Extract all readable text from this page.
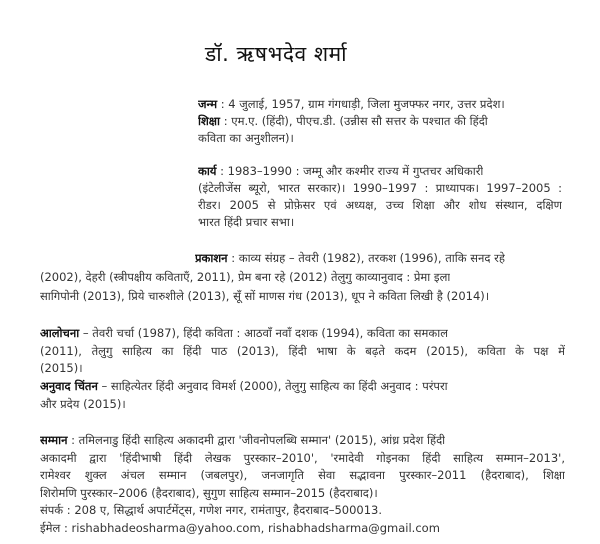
डॉ. ऋषभदेव शर्मा
जन्म : 4 जुलाई, 1957, ग्राम गंगधाड़ी, जिला मुजफ्फर नगर, उत्तर प्रदेश।
शिक्षा : एम.ए. (हिंदी), पीएच.डी. (उन्नीस सौ सत्तर के पश्चात की हिंदी
कविता का अनुशीलन)।
कार्य : 1983–1990 : जम्मू और कश्मीर राज्य में गुप्तचर अधिकारी
(इंटेलीजेंस ब्यूरो, भारत सरकार)। 1990–1997 : प्राध्यापक। 1997–2005 :
रीडर। 2005 से प्रोफ़ेसर एवं अध्यक्ष, उच्च शिक्षा और शोध संस्थान, दक्षिण
भारत हिंदी प्रचार सभा।
प्रकाशन : काव्य संग्रह – तेवरी (1982), तरकश (1996), ताकि सनद रहे
(2002), देहरी (स्त्रीपक्षीय कविताएँ, 2011), प्रेम बना रहे (2012) तेलुगु काव्यानुवाद : प्रेमा इला
सागिपोनी (2013), प्रिये चारुशीले (2013), सूँ सों माणस गंध (2013), धूप ने कविता लिखी है (2014)।
आलोचना – तेवरी चर्चा (1987), हिंदी कविता : आठवाँ नवाँ दशक (1994), कविता का समकाल
(2011), तेलुगु साहित्य का हिंदी पाठ (2013), हिंदी भाषा के बढ़ते कदम (2015), कविता के पक्ष में
(2015)।
अनुवाद चिंतन – साहित्येतर हिंदी अनुवाद विमर्श (2000), तेलुगु साहित्य का हिंदी अनुवाद : परंपरा
और प्रदेय (2015)।
सम्मान : तमिलनाडु हिंदी साहित्य अकादमी द्वारा 'जीवनोपलब्धि सम्मान' (2015), आंध्र प्रदेश हिंदी
अकादमी द्वारा 'हिंदीभाषी हिंदी लेखक पुरस्कार–2010', 'रमादेवी गोइनका हिंदी साहित्य सम्मान–2013',
रामेश्वर शुक्ल अंचल सम्मान (जबलपुर), जनजागृति सेवा सद्भावना पुरस्कार–2011 (हैदराबाद), शिक्षा
शिरोमणि पुरस्कार–2006 (हैदराबाद), सुगुण साहित्य सम्मान–2015 (हैदराबाद)।
संपर्क : 208 ए, सिद्धार्थ अपार्टमेंट्स, गणेश नगर, रामंतापुर, हैदराबाद–500013.
ईमेल : rishabhadeosharma@yahoo.com, rishabhadsharma@gmail.com
